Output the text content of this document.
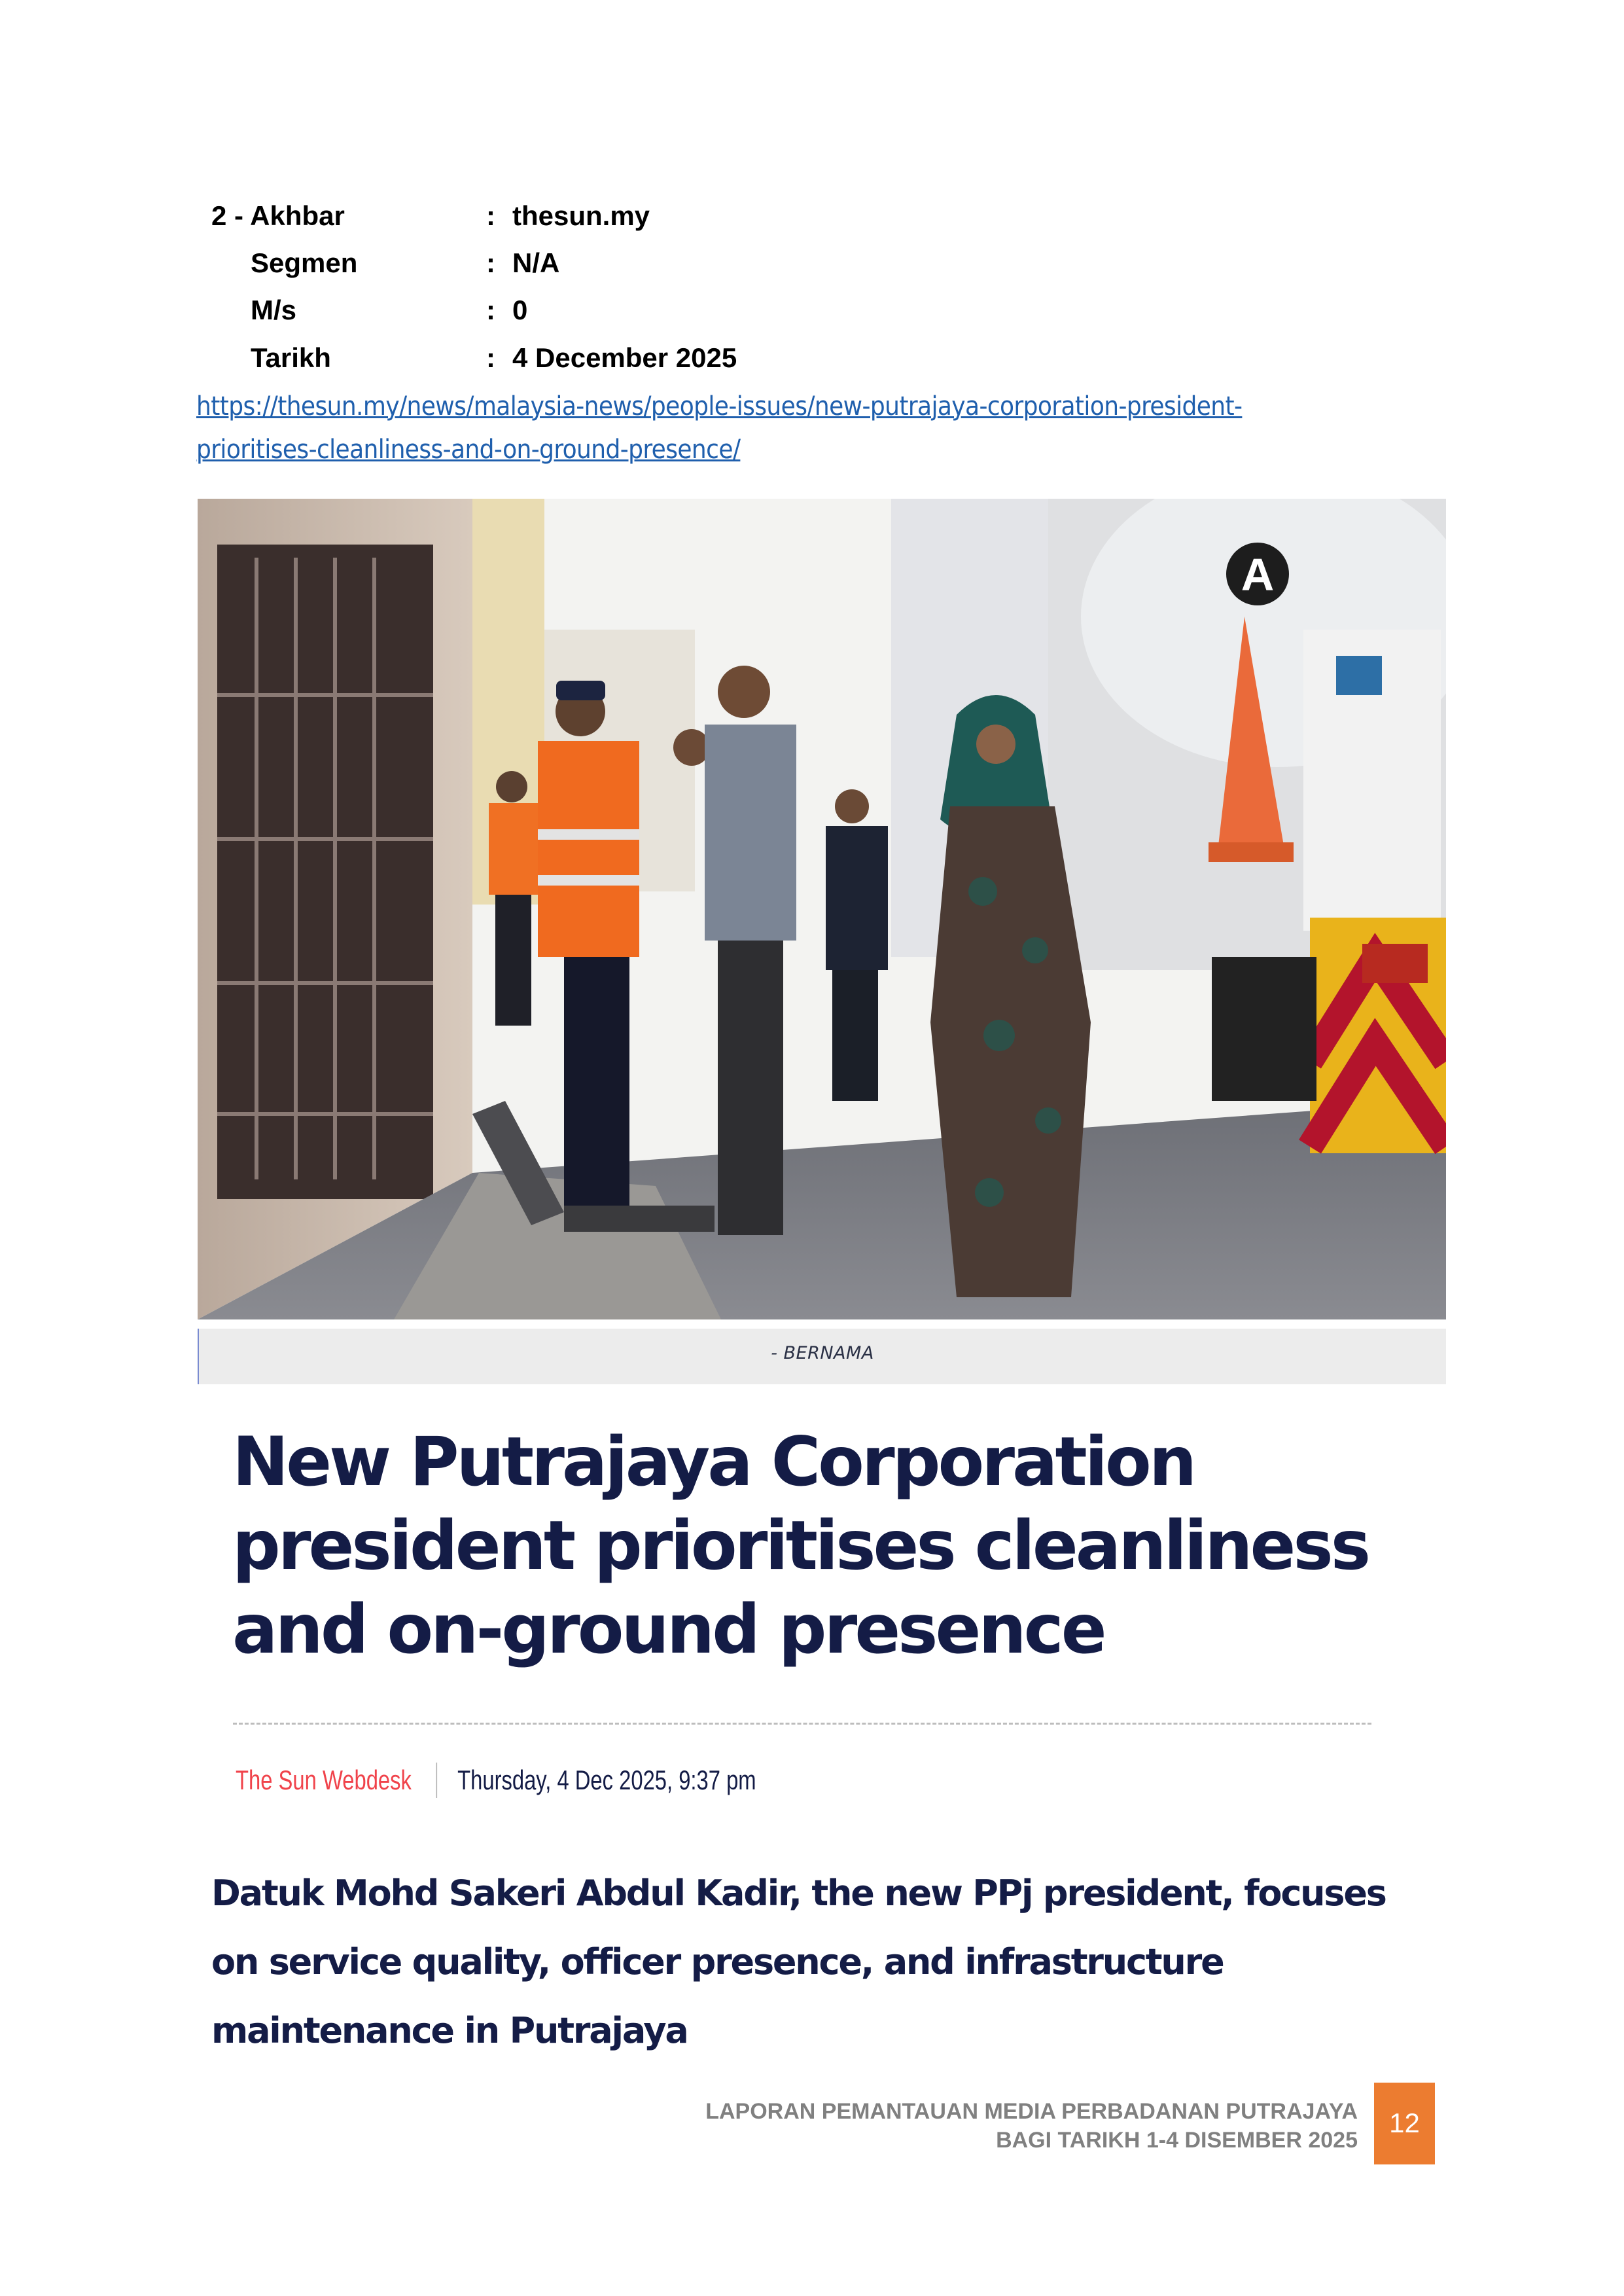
2 - Akhbar	: thesun.my
Segmen	: N/A
M/s	: 0
Tarikh	: 4 December 2025
https://thesun.my/news/malaysia-news/people-issues/new-putrajaya-corporation-president-
prioritises-cleanliness-and-on-ground-presence/
A
- BERNAMA
New Putrajaya Corporation
president prioritises cleanliness
and on-ground presence
The Sun Webdesk Thursday, 4 Dec 2025, 9:37 pm
Datuk Mohd Sakeri Abdul Kadir, the new PPj president, focuses
on service quality, officer presence, and infrastructure
maintenance in Putrajaya
LAPORAN PEMANTAUAN MEDIA PERBADANAN PUTRAJAYA
BAGI TARIKH 1-4 DISEMBER 2025
12
